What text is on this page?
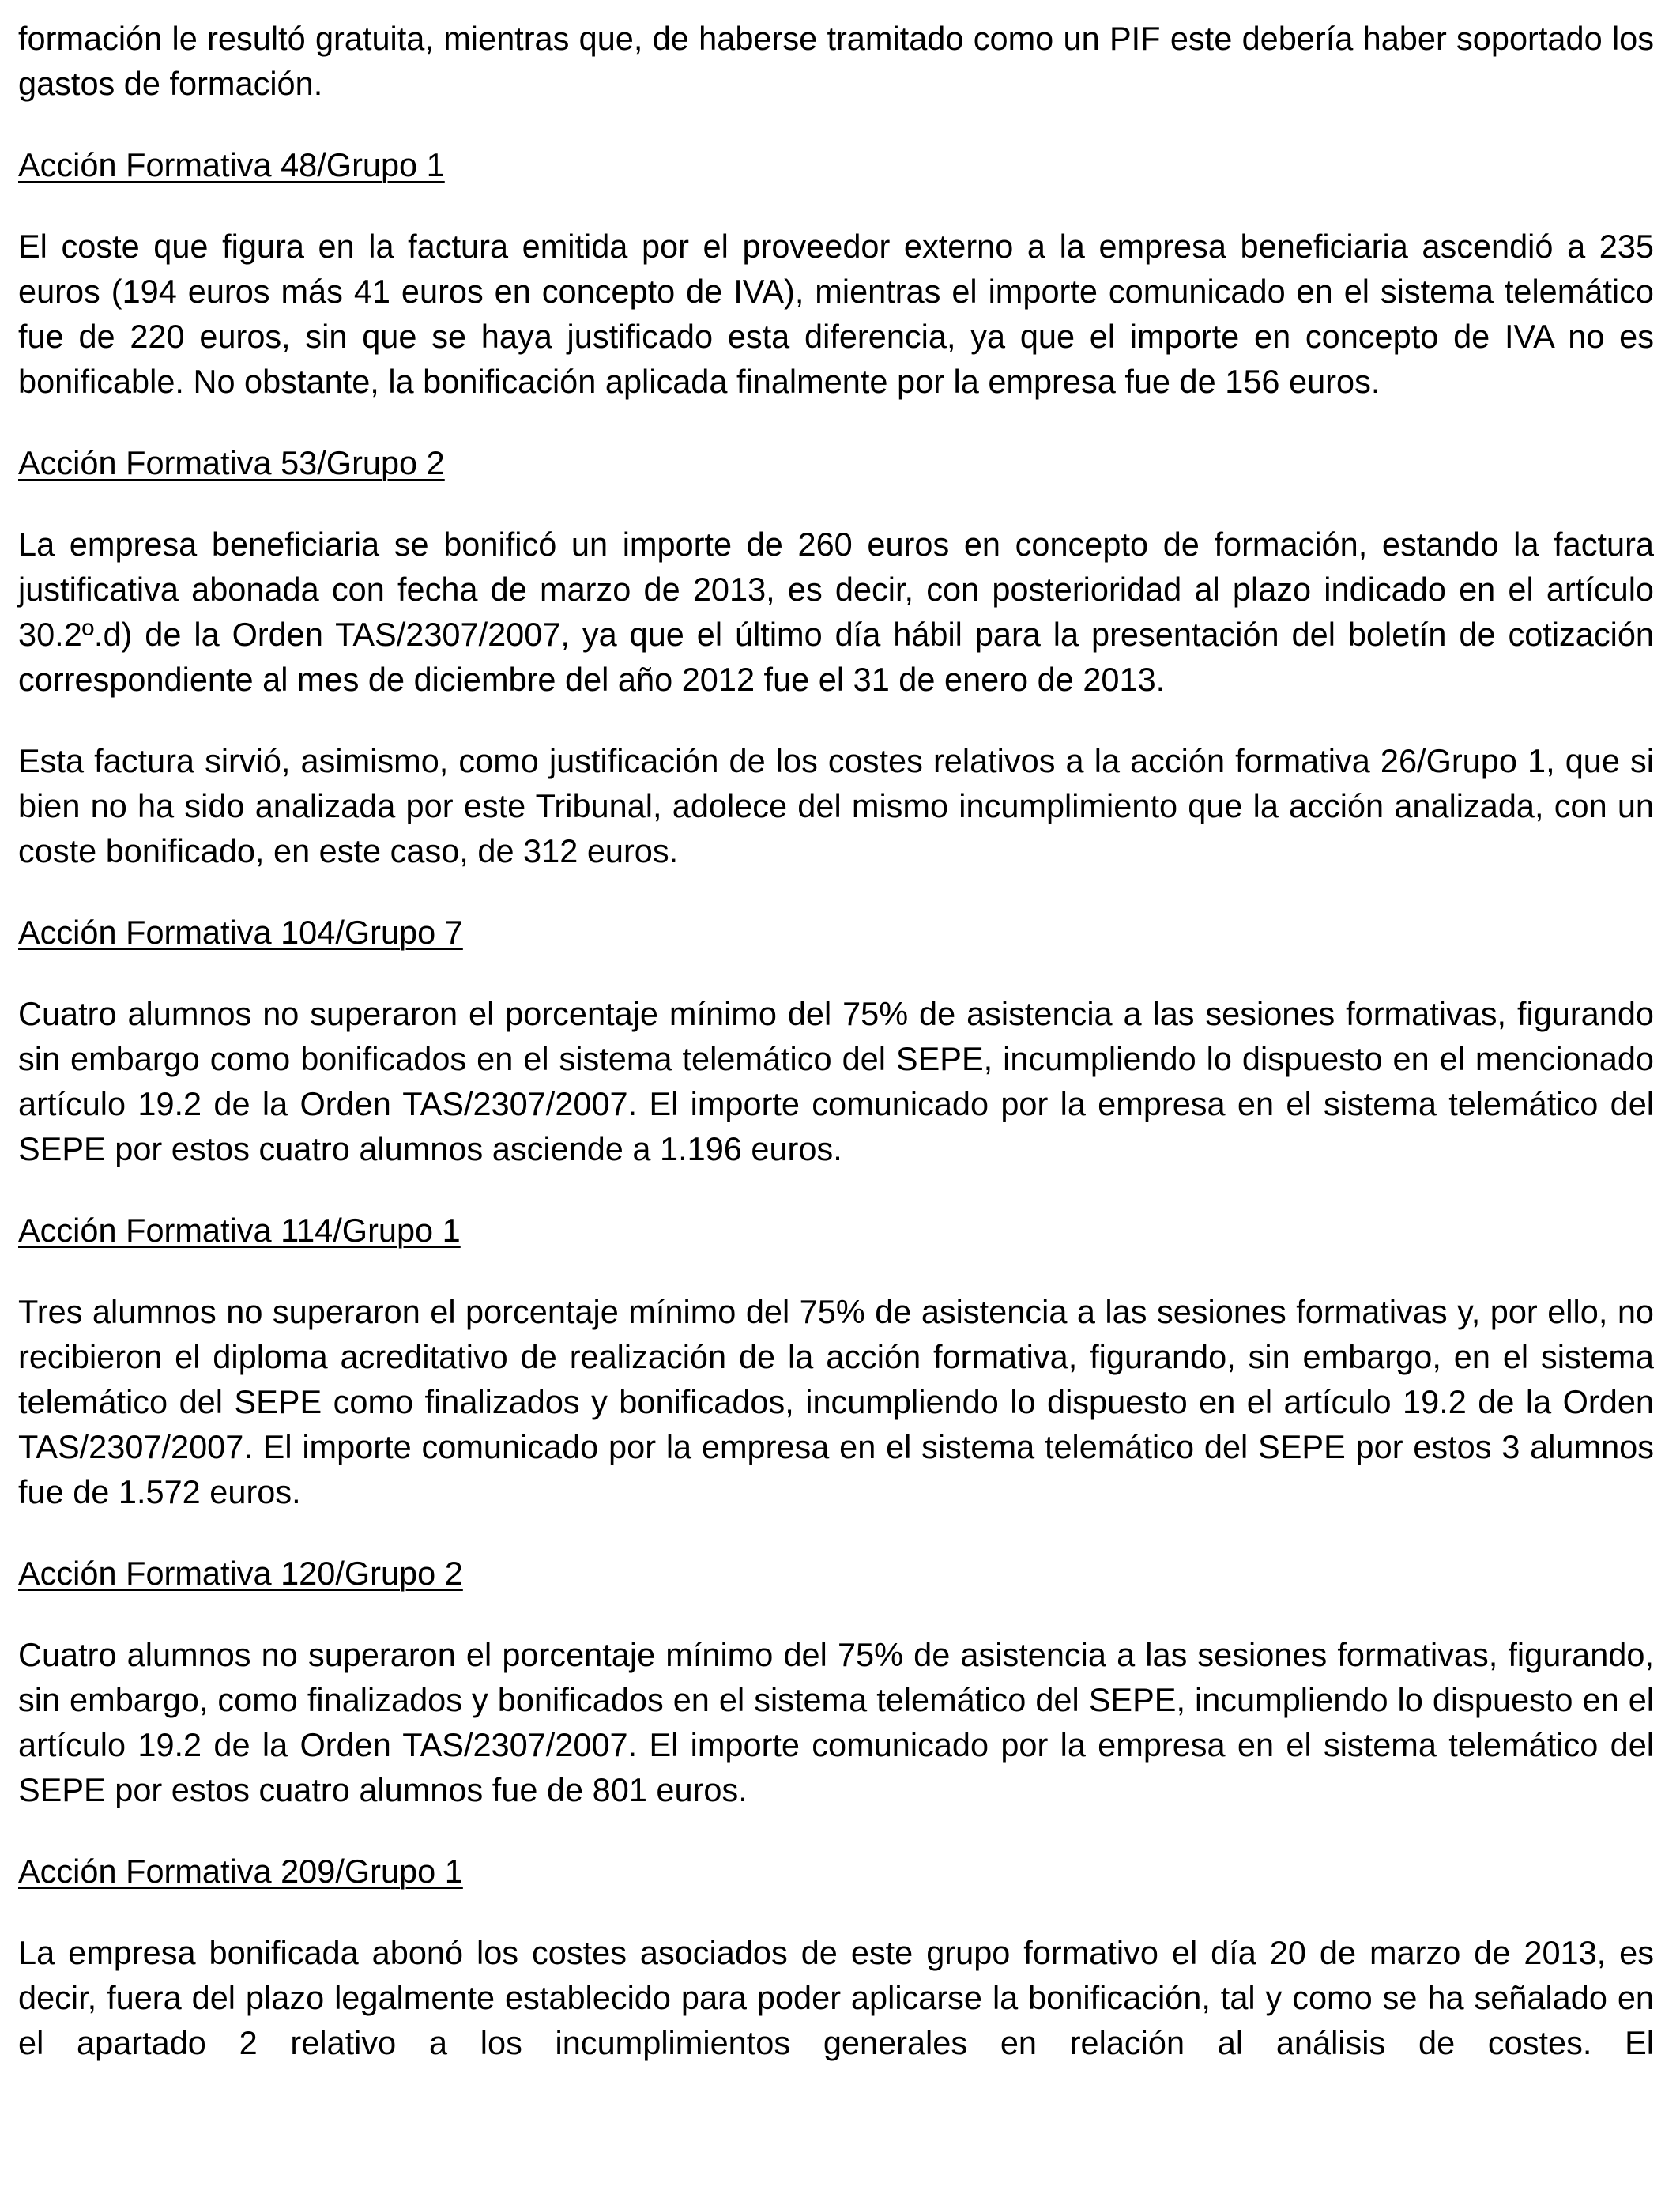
formación le resultó gratuita, mientras que, de haberse tramitado como un PIF este debería haber soportado los gastos de formación.

Acción Formativa 48/Grupo 1

El coste que figura en la factura emitida por el proveedor externo a la empresa beneficiaria ascendió a 235 euros (194 euros más 41 euros en concepto de IVA), mientras el importe comunicado en el sistema telemático fue de 220 euros, sin que se haya justificado esta diferencia, ya que el importe en concepto de IVA no es bonificable. No obstante, la bonificación aplicada finalmente por la empresa fue de 156 euros.

Acción Formativa 53/Grupo 2

La empresa beneficiaria se bonificó un importe de 260 euros en concepto de formación, estando la factura justificativa abonada con fecha de marzo de 2013, es decir, con posterioridad al plazo indicado en el artículo 30.2º.d) de la Orden TAS/2307/2007, ya que el último día hábil para la presentación del boletín de cotización correspondiente al mes de diciembre del año 2012 fue el 31 de enero de 2013.

Esta factura sirvió, asimismo, como justificación de los costes relativos a la acción formativa 26/Grupo 1, que si bien no ha sido analizada por este Tribunal, adolece del mismo incumplimiento que la acción analizada, con un coste bonificado, en este caso, de 312 euros.

Acción Formativa 104/Grupo 7

Cuatro alumnos no superaron el porcentaje mínimo del 75% de asistencia a las sesiones formativas, figurando sin embargo como bonificados en el sistema telemático del SEPE, incumpliendo lo dispuesto en el mencionado artículo 19.2 de la Orden TAS/2307/2007. El importe comunicado por la empresa en el sistema telemático del SEPE por estos cuatro alumnos asciende a 1.196 euros.

Acción Formativa 114/Grupo 1

Tres alumnos no superaron el porcentaje mínimo del 75% de asistencia a las sesiones formativas y, por ello, no recibieron el diploma acreditativo de realización de la acción formativa, figurando, sin embargo, en el sistema telemático del SEPE como finalizados y bonificados, incumpliendo lo dispuesto en el artículo 19.2 de la Orden TAS/2307/2007. El importe comunicado por la empresa en el sistema telemático del SEPE por estos 3 alumnos fue de 1.572 euros.

Acción Formativa 120/Grupo 2

Cuatro alumnos no superaron el porcentaje mínimo del 75% de asistencia a las sesiones formativas, figurando, sin embargo, como finalizados y bonificados en el sistema telemático del SEPE, incumpliendo lo dispuesto en el artículo 19.2 de la Orden TAS/2307/2007. El importe comunicado por la empresa en el sistema telemático del SEPE por estos cuatro alumnos fue de 801 euros.

Acción Formativa 209/Grupo 1

La empresa bonificada abonó los costes asociados de este grupo formativo el día 20 de marzo de 2013, es decir, fuera del plazo legalmente establecido para poder aplicarse la bonificación, tal y como se ha señalado en el apartado 2 relativo a los incumplimientos generales en relación al análisis de costes. El
